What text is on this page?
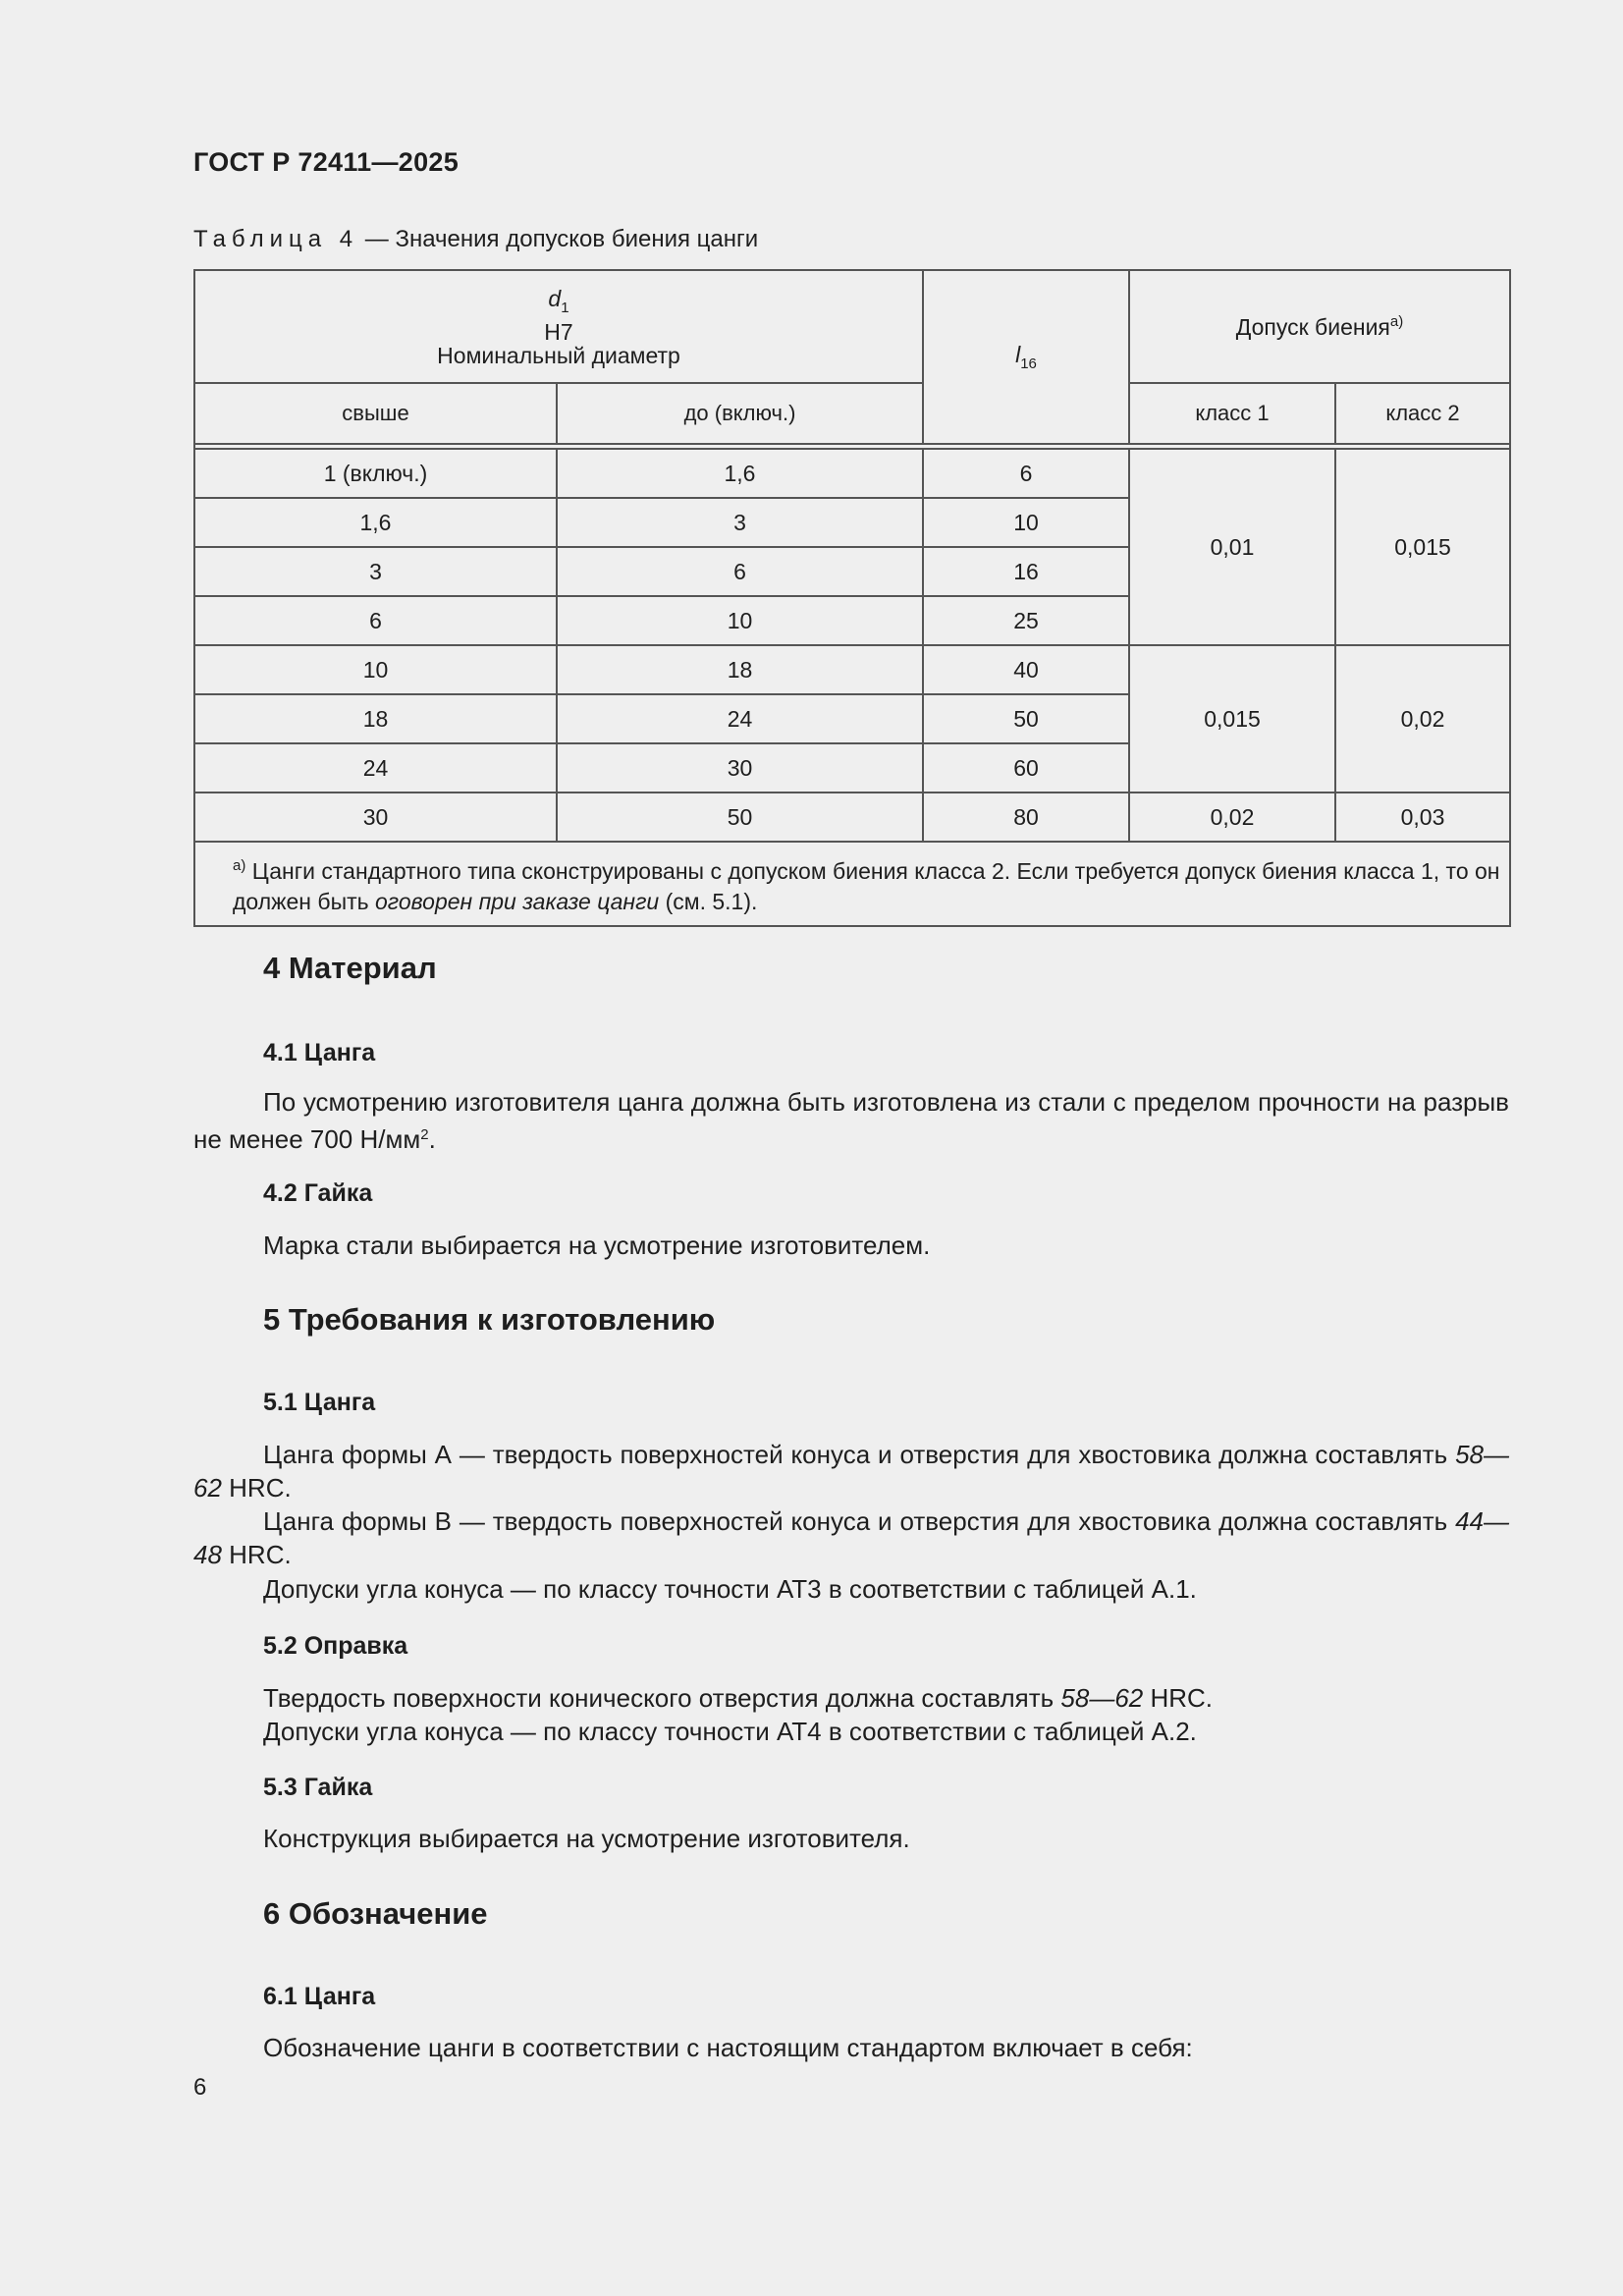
ГОСТ Р 72411—2025
Таблица 4 — Значения допусков биения цанги
$d_1$
H7
Номинальный диаметр		$l_{16}$	Допуск биения$^{a)}$
свыше	до (включ.)		класс 1	класс 2

1 (включ.)	1,6	6	0,01	0,015
1,6	3	10		
3	6	16		
6	10	25		
10	18	40	0,015	0,02
18	24	50		
24	30	60		
30	50	80	0,02	0,03
$^{a)}$ Цанги стандартного типа сконструированы с допуском биения класса 2. Если требуется допуск биения класса 1, то он должен быть оговорен при заказе цанги (см. 5.1).				
4 Материал
4.1 Цанга
По усмотрению изготовителя цанга должна быть изготовлена из стали с пределом прочности на разрыв не менее 700 $Н/мм^2$.
4.2 Гайка
Марка стали выбирается на усмотрение изготовителем.
5 Требования к изготовлению
5.1 Цанга
Цанга формы А — твердость поверхностей конуса и отверстия для хвостовика должна составлять 58—62 HRC.
Цанга формы В — твердость поверхностей конуса и отверстия для хвостовика должна составлять 44—48 HRC.
Допуски угла конуса — по классу точности АТ3 в соответствии с таблицей А.1.
5.2 Оправка
Твердость поверхности конического отверстия должна составлять 58—62 HRC.
Допуски угла конуса — по классу точности АТ4 в соответствии с таблицей А.2.
5.3 Гайка
Конструкция выбирается на усмотрение изготовителя.
6 Обозначение
6.1 Цанга
Обозначение цанги в соответствии с настоящим стандартом включает в себя:
6
